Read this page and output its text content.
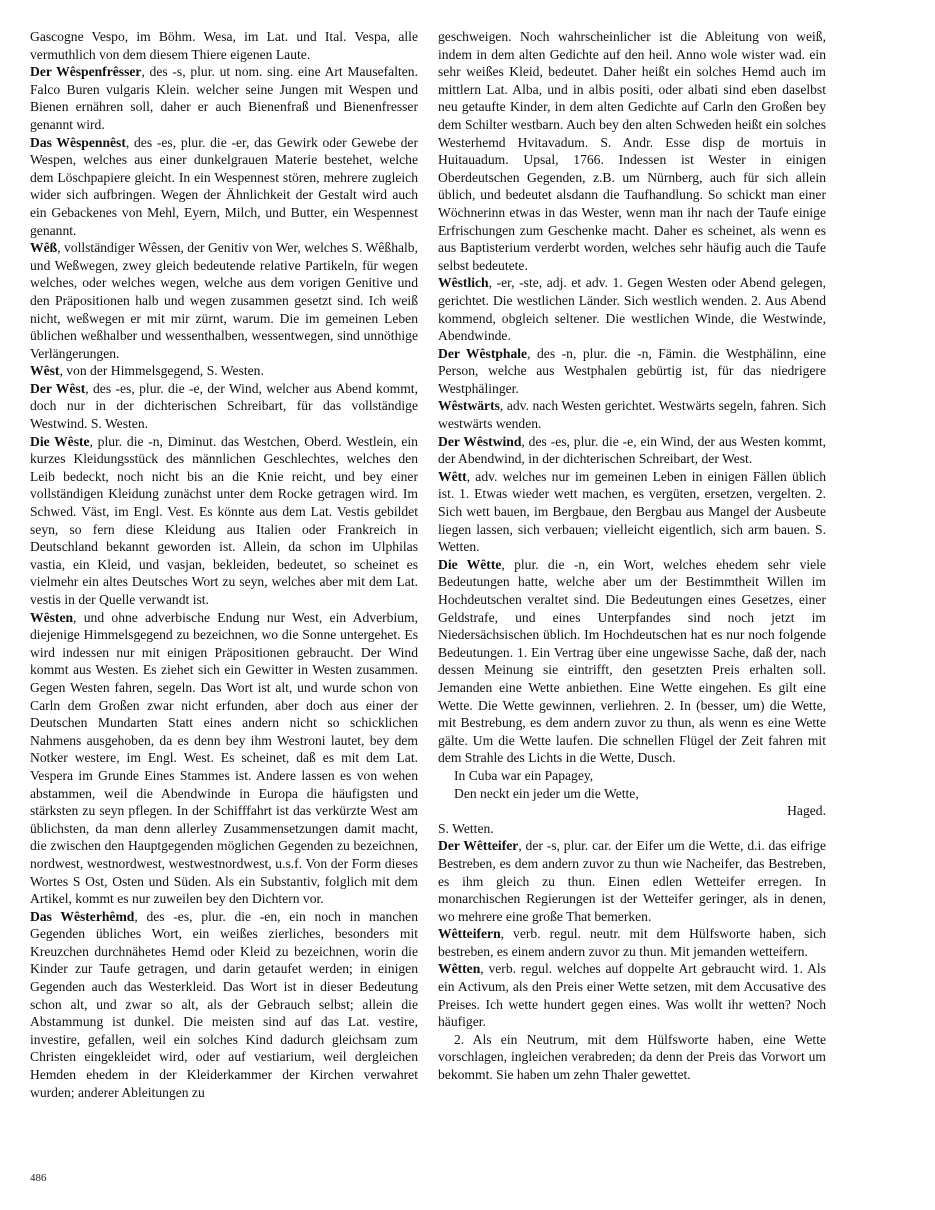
Gascogne Vespo, im Böhm. Wesa, im Lat. und Ital. Vespa, alle vermuthlich von dem diesem Thiere eigenen Laute.
Der Wêspenfrêsser, des -s, plur. ut nom. sing. eine Art Mausefalten. Falco Buren vulgaris Klein. welcher seine Jungen mit Wespen und Bienen ernähren soll, daher er auch Bienenfraß und Bienenfresser genannt wird.
Das Wêspennêst, des -es, plur. die -er, das Gewirk oder Gewebe der Wespen, welches aus einer dunkelgrauen Materie bestehet, welche dem Löschpapiere gleicht. In ein Wespennest stören, mehrere zugleich wider sich aufbringen. Wegen der Ähnlichkeit der Gestalt wird auch ein Gebackenes von Mehl, Eyern, Milch, und Butter, ein Wespennest genannt.
Wêß, vollständiger Wêssen, der Genitiv von Wer, welches S. Wêßhalb, und Weßwegen, zwey gleich bedeutende relative Partikeln, für wegen welches, oder welches wegen, welche aus dem vorigen Genitive und den Präpositionen halb und wegen zusammen gesetzt sind. Ich weiß nicht, weßwegen er mit mir zürnt, warum. Die im gemeinen Leben üblichen weßhalber und wessenthalben, wessentwegen, sind unnöthige Verlängerungen.
Wêst, von der Himmelsgegend, S. Westen.
Der Wêst, des -es, plur. die -e, der Wind, welcher aus Abend kommt, doch nur in der dichterischen Schreibart, für das vollständige Westwind. S. Westen.
Die Wêste, plur. die -n, Diminut. das Westchen, Oberd. Westlein, ein kurzes Kleidungsstück des männlichen Geschlechtes, welches den Leib bedeckt, noch nicht bis an die Knie reicht, und bey einer vollständigen Kleidung zunächst unter dem Rocke getragen wird. Im Schwed. Väst, im Engl. Vest. Es könnte aus dem Lat. Vestis gebildet seyn, so fern diese Kleidung aus Italien oder Frankreich in Deutschland bekannt geworden ist. Allein, da schon im Ulphilas vastia, ein Kleid, und vasjan, bekleiden, bedeutet, so scheinet es vielmehr ein altes Deutsches Wort zu seyn, welches aber mit dem Lat. vestis in der Quelle verwandt ist.
Wêsten, und ohne adverbische Endung nur West, ein Adverbium, diejenige Himmelsgegend zu bezeichnen, wo die Sonne untergehet. Es wird indessen nur mit einigen Präpositionen gebraucht. Der Wind kommt aus Westen. Es ziehet sich ein Gewitter in Westen zusammen. Gegen Westen fahren, segeln. Das Wort ist alt, und wurde schon von Carln dem Großen zwar nicht erfunden, aber doch aus einer der Deutschen Mundarten Statt eines andern nicht so schicklichen Nahmens ausgehoben, da es denn bey ihm Westroni lautet, bey dem Notker westere, im Engl. West. Es scheinet, daß es mit dem Lat. Vespera im Grunde Eines Stammes ist. Andere lassen es von wehen abstammen, weil die Abendwinde in Europa die häufigsten und stärksten zu seyn pflegen. In der Schifffahrt ist das verkürzte West am üblichsten, da man denn allerley Zusammensetzungen damit macht, die zwischen den Hauptgegenden möglichen Gegenden zu bezeichnen, nordwest, westnordwest, westwestnordwest, u.s.f. Von der Form dieses Wortes S Ost, Osten und Süden. Als ein Substantiv, folglich mit dem Artikel, kommt es nur zuweilen bey den Dichtern vor.
Das Wêsterhêmd, des -es, plur. die -en, ein noch in manchen Gegenden übliches Wort, ein weißes zierliches, besonders mit Kreuzchen durchnähetes Hemd oder Kleid zu bezeichnen, worin die Kinder zur Taufe getragen, und darin getaufet werden; in einigen Gegenden auch das Westerkleid. Das Wort ist in dieser Bedeutung schon alt, und zwar so alt, als der Gebrauch selbst; allein die Abstammung ist dunkel. Die meisten sind auf das Lat. vestire, investire, gefallen, weil ein solches Kind dadurch gleichsam zum Christen eingekleidet wird, oder auf vestiarium, weil dergleichen Hemden ehedem in der Kleiderkammer der Kirchen verwahret wurden; anderer Ableitungen zu
geschweigen. Noch wahrscheinlicher ist die Ableitung von weiß, indem in dem alten Gedichte auf den heil. Anno wole wister wad. ein sehr weißes Kleid, bedeutet. Daher heißt ein solches Hemd auch im mittlern Lat. Alba, und in albis positi, oder albati sind eben daselbst neu getaufte Kinder, in dem alten Gedichte auf Carln den Großen bey dem Schilter westbarn. Auch bey den alten Schweden heißt ein solches Westerhemd Hvitavadum. S. Andr. Esse disp de mortuis in Huitauadum. Upsal, 1766. Indessen ist Wester in einigen Oberdeutschen Gegenden, z.B. um Nürnberg, auch für sich allein üblich, und bedeutet alsdann die Taufhandlung. So schickt man einer Wöchnerinn etwas in das Wester, wenn man ihr nach der Taufe einige Erfrischungen zum Geschenke macht. Daher es scheinet, als wenn es aus Baptisterium verderbt worden, welches sehr häufig auch die Taufe selbst bedeutete.
Wêstlich, -er, -ste, adj. et adv. 1. Gegen Westen oder Abend gelegen, gerichtet. Die westlichen Länder. Sich westlich wenden. 2. Aus Abend kommend, obgleich seltener. Die westlichen Winde, die Westwinde, Abendwinde.
Der Wêstphale, des -n, plur. die -n, Fämin. die Westphälinn, eine Person, welche aus Westphalen gebürtig ist, für das niedrigere Westphälinger.
Wêstwärts, adv. nach Westen gerichtet. Westwärts segeln, fahren. Sich westwärts wenden.
Der Wêstwind, des -es, plur. die -e, ein Wind, der aus Westen kommt, der Abendwind, in der dichterischen Schreibart, der West.
Wêtt, adv. welches nur im gemeinen Leben in einigen Fällen üblich ist. 1. Etwas wieder wett machen, es vergüten, ersetzen, vergelten. 2. Sich wett bauen, im Bergbaue, den Bergbau aus Mangel der Ausbeute liegen lassen, sich verbauen; vielleicht eigentlich, sich arm bauen. S. Wetten.
Die Wêtte, plur. die -n, ein Wort, welches ehedem sehr viele Bedeutungen hatte, welche aber um der Bestimmtheit Willen im Hochdeutschen veraltet sind. Die Bedeutungen eines Gesetzes, einer Geldstrafe, und eines Unterpfandes sind noch jetzt im Niedersächsischen üblich. Im Hochdeutschen hat es nur noch folgende Bedeutungen. 1. Ein Vertrag über eine ungewisse Sache, daß der, nach dessen Meinung sie eintrifft, den gesetzten Preis erhalten soll. Jemanden eine Wette anbiethen. Eine Wette eingehen. Es gilt eine Wette. Die Wette gewinnen, verliehren. 2. In (besser, um) die Wette, mit Bestrebung, es dem andern zuvor zu thun, als wenn es eine Wette gälte. Um die Wette laufen. Die schnellen Flügel der Zeit fahren mit dem Strahle des Lichts in die Wette, Dusch.
In Cuba war ein Papagey,
Den neckt ein jeder um die Wette,
Haged.
S. Wetten.
Der Wêtteifer, der -s, plur. car. der Eifer um die Wette, d.i. das eifrige Bestreben, es dem andern zuvor zu thun wie Nacheifer, das Bestreben, es ihm gleich zu thun. Einen edlen Wetteifer erregen. In monarchischen Regierungen ist der Wetteifer geringer, als in denen, wo mehrere eine große That bemerken.
Wêtteifern, verb. regul. neutr. mit dem Hülfsworte haben, sich bestreben, es einem andern zuvor zu thun. Mit jemanden wetteifern.
Wêtten, verb. regul. welches auf doppelte Art gebraucht wird. 1. Als ein Activum, als den Preis einer Wette setzen, mit dem Accusative des Preises. Ich wette hundert gegen eines. Was wollt ihr wetten? Noch häufiger.
2. Als ein Neutrum, mit dem Hülfsworte haben, eine Wette vorschlagen, ingleichen verabreden; da denn der Preis das Vorwort um bekommt. Sie haben um zehn Thaler gewettet.
486
